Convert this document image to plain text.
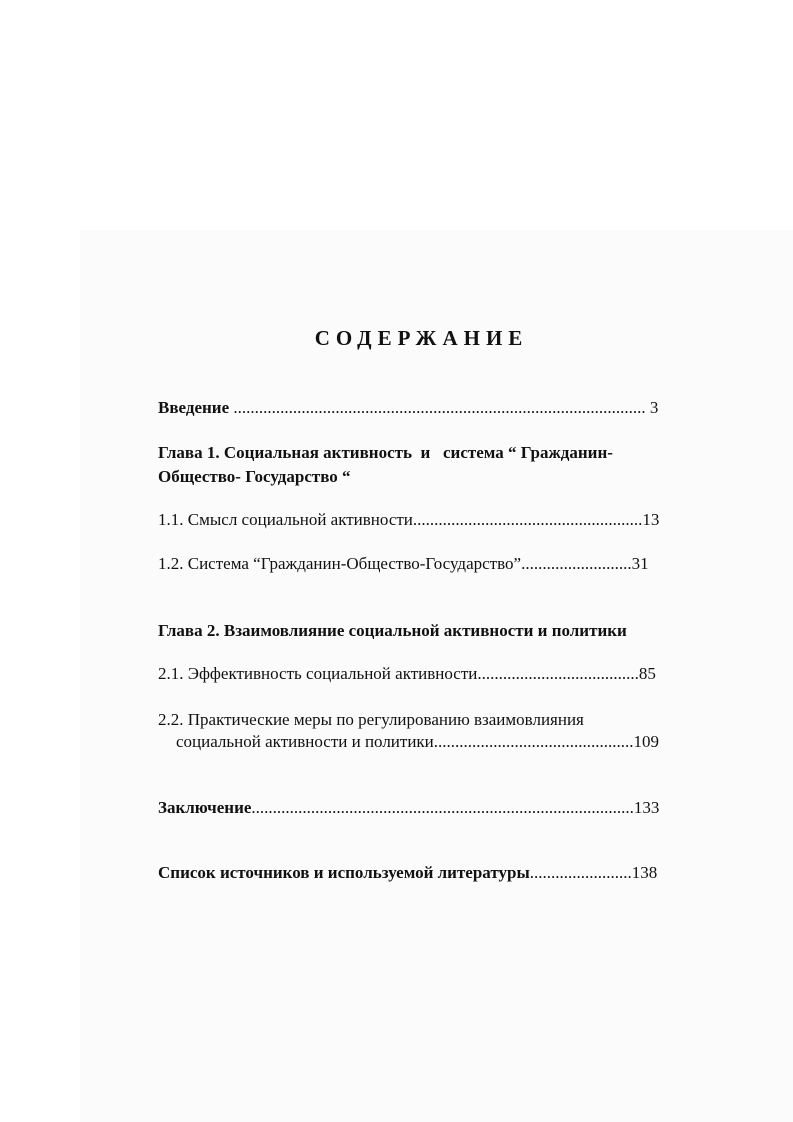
СОДЕРЖАНИЕ
Введение ................................................................................................. 3
Глава 1. Социальная активность  и   система “ Гражданин-
Общество- Государство “
1.1. Смысл социальной активности......................................................13
1.2. Система “Гражданин-Общество-Государство”..........................31
Глава 2. Взаимовлияние социальной активности и политики
2.1. Эффективность социальной активности......................................85
2.2. Практические меры по регулированию взаимовлияния
социальной активности и политики...............................................109
Заключение..........................................................................................133
Список источников и используемой литературы........................138
